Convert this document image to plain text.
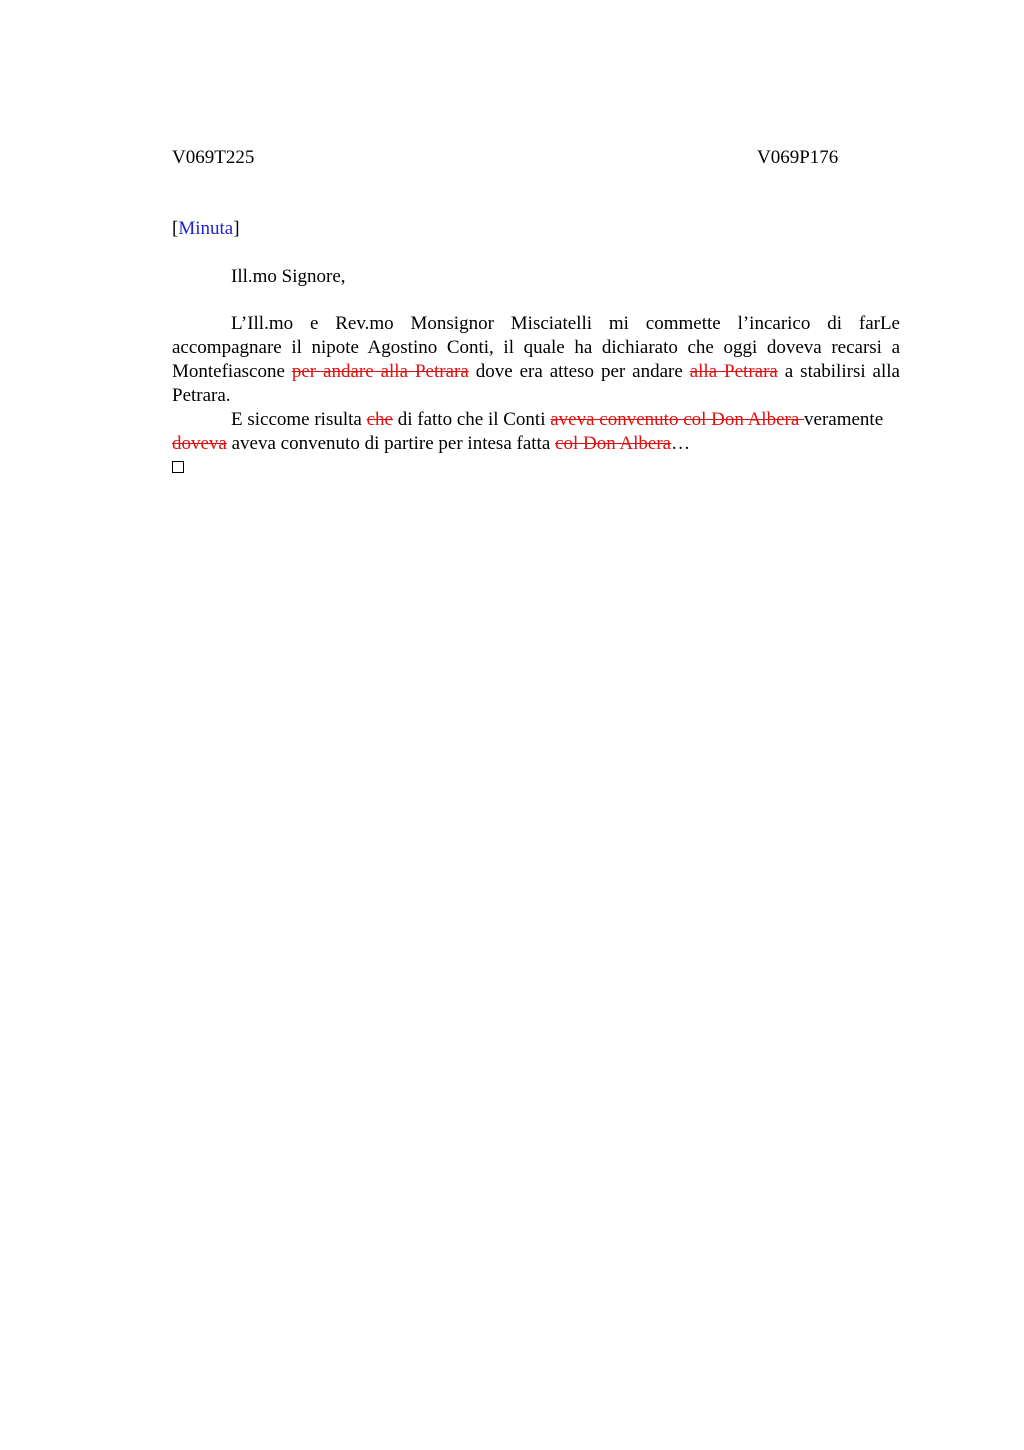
V069T225	V069P176
[Minuta]
Ill.mo Signore,

L’Ill.mo e Rev.mo Monsignor Misciatelli mi commette l’incarico di farLe accompagnare il nipote Agostino Conti, il quale ha dichiarato che oggi doveva recarsi a Montefiascone per andare alla Petrara dove era atteso per andare alla Petrara a stabilirsi alla Petrara.

E siccome risulta che di fatto che il Conti aveva convenuto col Don Albera veramente doveva aveva convenuto di partire per intesa fatta col Don Albera…
